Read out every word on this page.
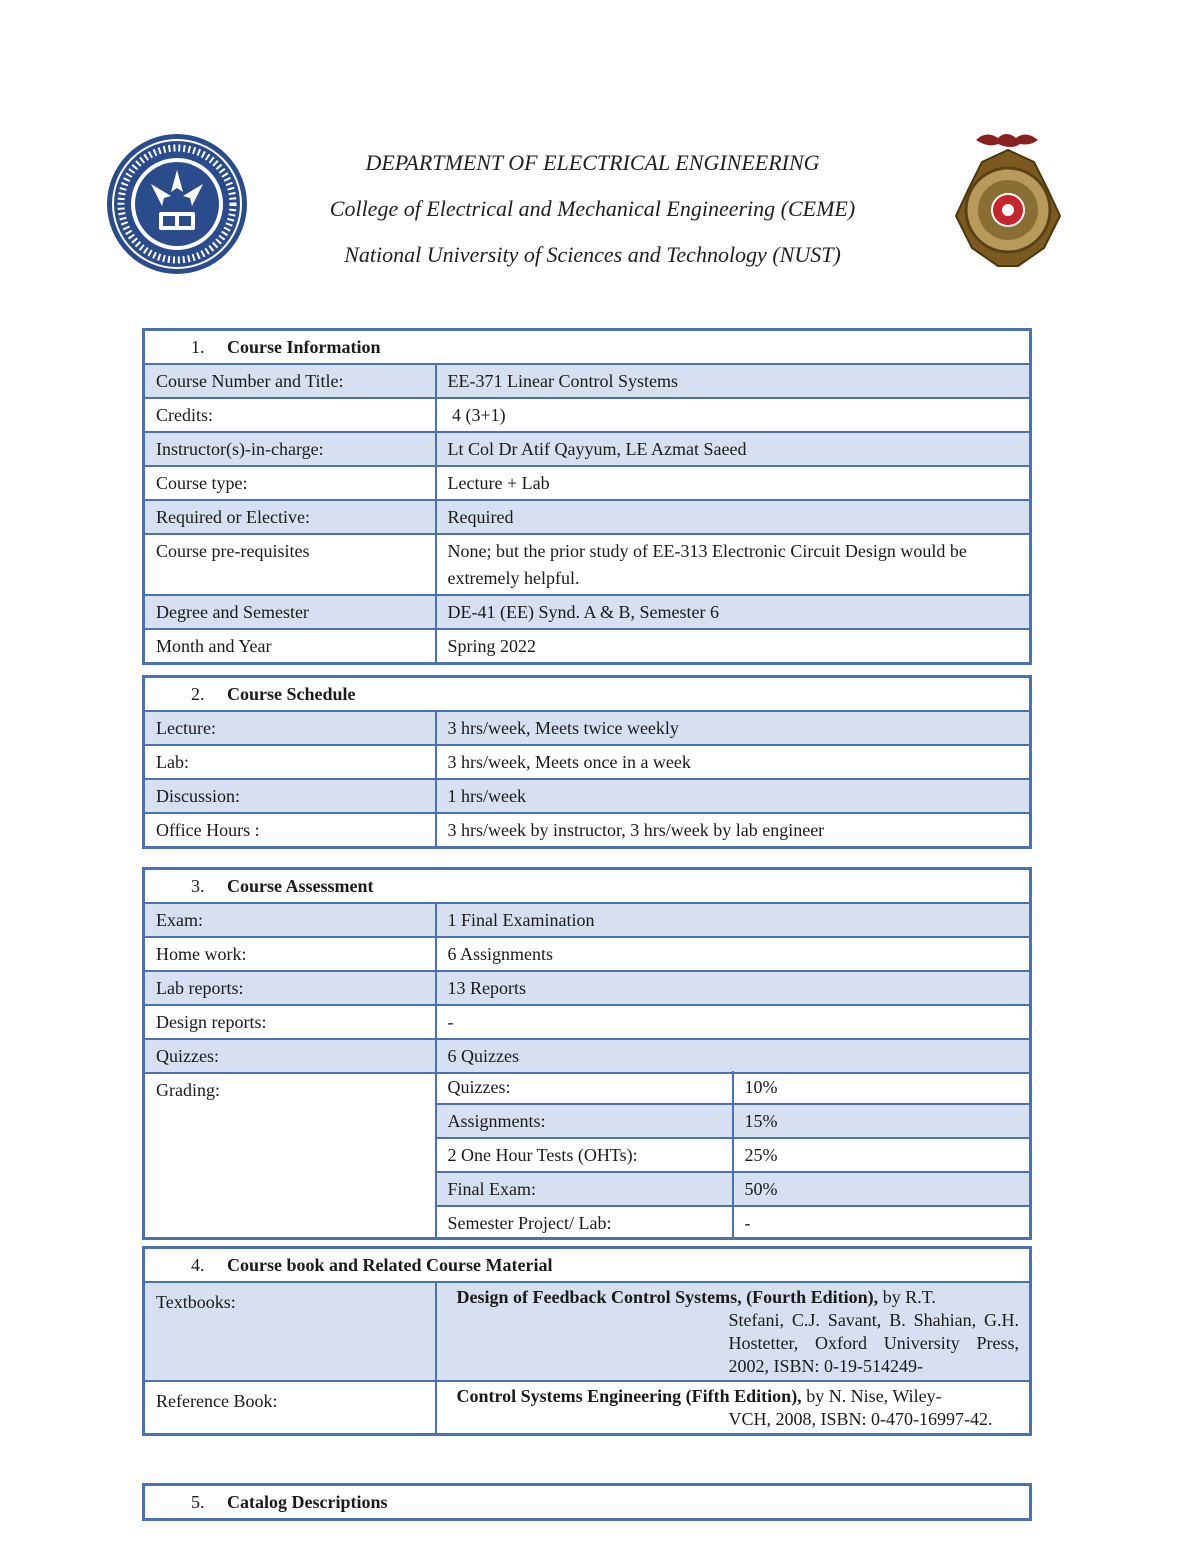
DEPARTMENT OF ELECTRICAL ENGINEERING
College of Electrical and Mechanical Engineering (CEME)
National University of Sciences and Technology (NUST)
1. Course Information	
Course Number and Title:	EE-371 Linear Control Systems
Credits:	4 (3+1)
Instructor(s)-in-charge:	Lt Col Dr Atif Qayyum, LE Azmat Saeed
Course type:	Lecture + Lab
Required or Elective:	Required
Course pre-requisites	None; but the prior study of EE-313 Electronic Circuit Design would be extremely helpful.
Degree and Semester	DE-41 (EE) Synd. A & B, Semester 6
Month and Year	Spring 2022
2. Course Schedule	
Lecture:	3 hrs/week, Meets twice weekly
Lab:	3 hrs/week, Meets once in a week
Discussion:	1 hrs/week
Office Hours :	3 hrs/week by instructor, 3 hrs/week by lab engineer
3. Course Assessment
Exam:	1 Final Examination
Home work:	6 Assignments
Lab reports:	13 Reports
Design reports:	-
Quizzes:	6 Quizzes
Grading:		Quizzes:	10%
Assignments:	15%
2 One Hour Tests (OHTs):	25%
Final Exam:	50%
Semester Project/ Lab:	-
4. Course book and Related Course Material	
Textbooks:	Design of Feedback Control Systems, (Fourth Edition), by R.T.
Stefani, C.J. Savant, B. Shahian, G.H. Hostetter, Oxford University Press, 2002, ISBN: 0-19-514249-

Reference Book:	Control Systems Engineering (Fifth Edition), by N. Nise, Wiley-
VCH, 2008, ISBN: 0-470-16997-42.
5. Catalog Descriptions
